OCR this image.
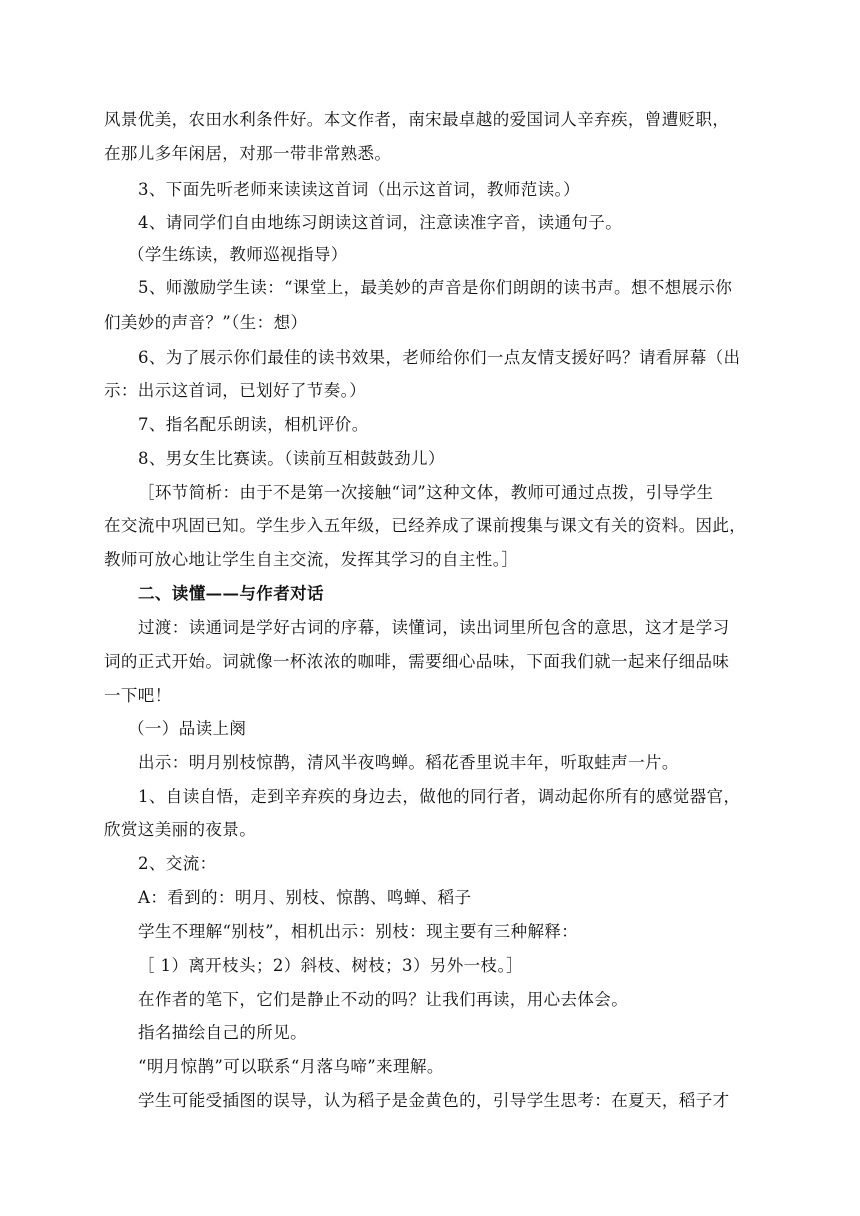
风景优美，农田水利条件好。本文作者，南宋最卓越的爱国词人辛弃疾，曾遭贬职，
在那儿多年闲居，对那一带非常熟悉。
3、下面先听老师来读读这首词（出示这首词，教师范读。）
4、请同学们自由地练习朗读这首词，注意读准字音，读通句子。
（学生练读，教师巡视指导）
5、师激励学生读：“课堂上，最美妙的声音是你们朗朗的读书声。想不想展示你
们美妙的声音？”（生：想）
6、为了展示你们最佳的读书效果，老师给你们一点友情支援好吗？请看屏幕（出
示：出示这首词，已划好了节奏。）
7、指名配乐朗读，相机评价。
8、男女生比赛读。（读前互相鼓鼓劲儿）
［环节简析：由于不是第一次接触“词”这种文体，教师可通过点拨，引导学生
在交流中巩固已知。学生步入五年级，已经养成了课前搜集与课文有关的资料。因此，
教师可放心地让学生自主交流，发挥其学习的自主性。］
二、读懂——与作者对话
过渡：读通词是学好古词的序幕，读懂词，读出词里所包含的意思，这才是学习
词的正式开始。词就像一杯浓浓的咖啡，需要细心品味，下面我们就一起来仔细品味
一下吧！
（一）品读上阕
出示：明月别枝惊鹊，清风半夜鸣蝉。稻花香里说丰年，听取蛙声一片。
1、自读自悟，走到辛弃疾的身边去，做他的同行者，调动起你所有的感觉器官，
欣赏这美丽的夜景。
2、交流：
A：看到的：明月、别枝、惊鹊、鸣蝉、稻子
学生不理解“别枝”，相机出示：别枝：现主要有三种解释：
［ 1）离开枝头；2）斜枝、树枝；3）另外一枝。］
在作者的笔下，它们是静止不动的吗？让我们再读，用心去体会。
指名描绘自己的所见。
“明月惊鹊”可以联系“月落乌啼”来理解。
学生可能受插图的误导，认为稻子是金黄色的，引导学生思考：在夏天，稻子才
